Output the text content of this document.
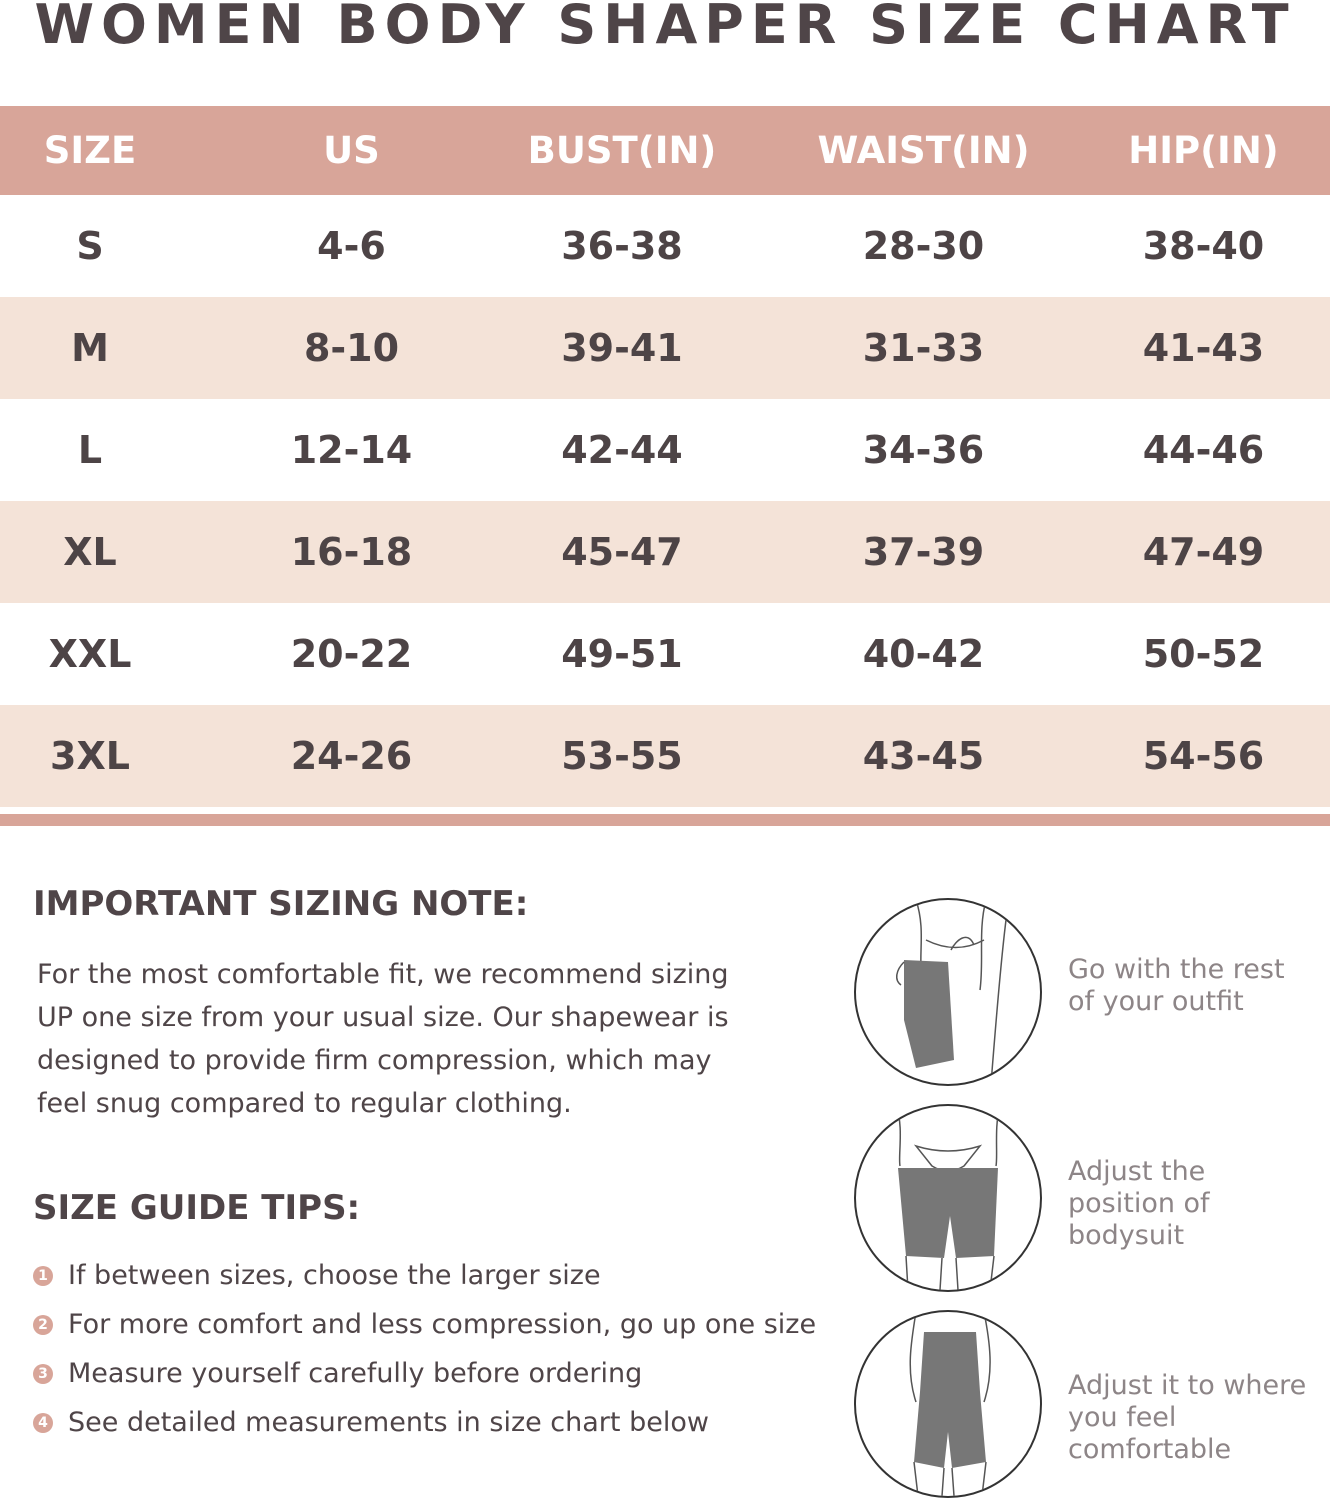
WOMEN BODY SHAPER SIZE CHART
SIZE	US	BUST(IN)	WAIST(IN)	HIP(IN)
S	4-6	36-38	28-30	38-40
M	8-10	39-41	31-33	41-43
L	12-14	42-44	34-36	44-46
XL	16-18	45-47	37-39	47-49
XXL	20-22	49-51	40-42	50-52
3XL	24-26	53-55	43-45	54-56
IMPORTANT SIZING NOTE:
For the most comfortable fit, we recommend sizing UP one size from your usual size. Our shapewear is designed to provide firm compression, which may feel snug compared to regular clothing.
SIZE GUIDE TIPS:
1 If between sizes, choose the larger size
2 For more comfort and less compression, go up one size
3 Measure yourself carefully before ordering
4 See detailed measurements in size chart below
Go with the rest of your outfit
Adjust the position of bodysuit
Adjust it to where you feel comfortable
